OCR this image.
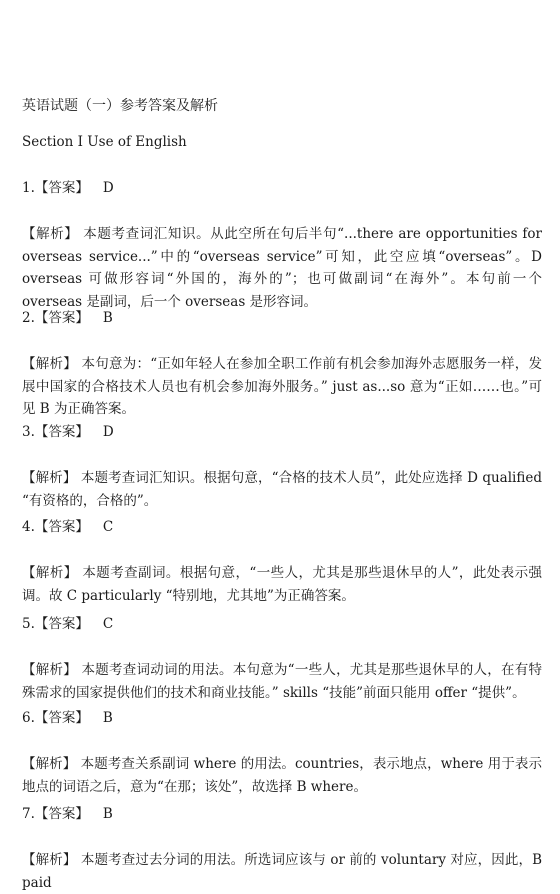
英语试题（一）参考答案及解析
Section I Use of English
1.【答案】 D
【解析】 本题考查词汇知识。从此空所在句后半句“...there are opportunities for overseas service...”中的“overseas service”可知，此空应填“overseas”。D overseas 可做形容词“外国的，海外的”；也可做副词“在海外”。本句前一个 overseas 是副词，后一个 overseas 是形容词。
2.【答案】 B
【解析】 本句意为：“正如年轻人在参加全职工作前有机会参加海外志愿服务一样，发展中国家的合格技术人员也有机会参加海外服务。” just as...so 意为“正如……也。”可见 B 为正确答案。
3.【答案】 D
【解析】 本题考查词汇知识。根据句意，“合格的技术人员”，此处应选择 D qualified “有资格的，合格的”。
4.【答案】 C
【解析】 本题考查副词。根据句意，“一些人，尤其是那些退休早的人”，此处表示强调。故 C particularly “特别地，尤其地”为正确答案。
5.【答案】 C
【解析】 本题考查词动词的用法。本句意为“一些人，尤其是那些退休早的人，在有特殊需求的国家提供他们的技术和商业技能。” skills “技能”前面只能用 offer “提供”。
6.【答案】 B
【解析】 本题考查关系副词 where 的用法。countries，表示地点，where 用于表示地点的词语之后，意为“在那；该处”，故选择 B where。
7.【答案】 B
【解析】 本题考查过去分词的用法。所选词应该与 or 前的 voluntary 对应，因此，B paid
